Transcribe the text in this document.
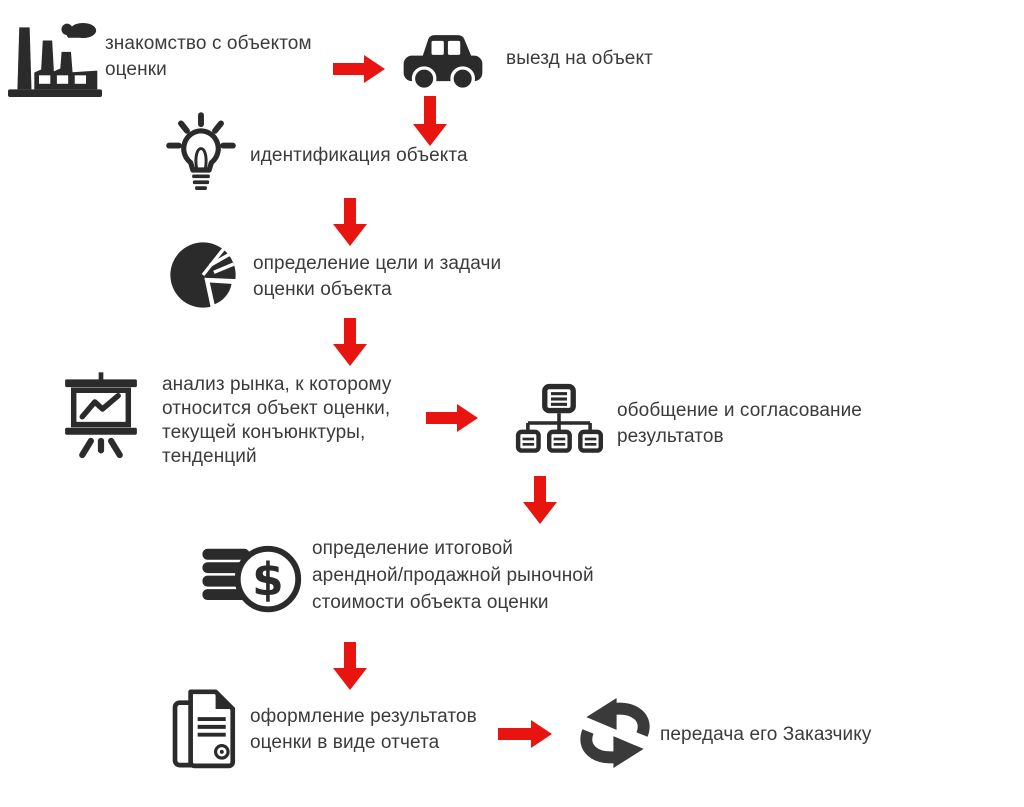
знакомство с объектом
оценки
выезд на объект
идентификация объекта
определение цели и задачи
оценки объекта
анализ рынка, к которому
относится объект оценки,
текущей конъюнктуры,
тенденций
обобщение и согласование
результатов
$
определение итоговой
арендной/продажной рыночной
стоимости объекта оценки
оформление результатов
оценки в виде отчета	передача его Заказчику
